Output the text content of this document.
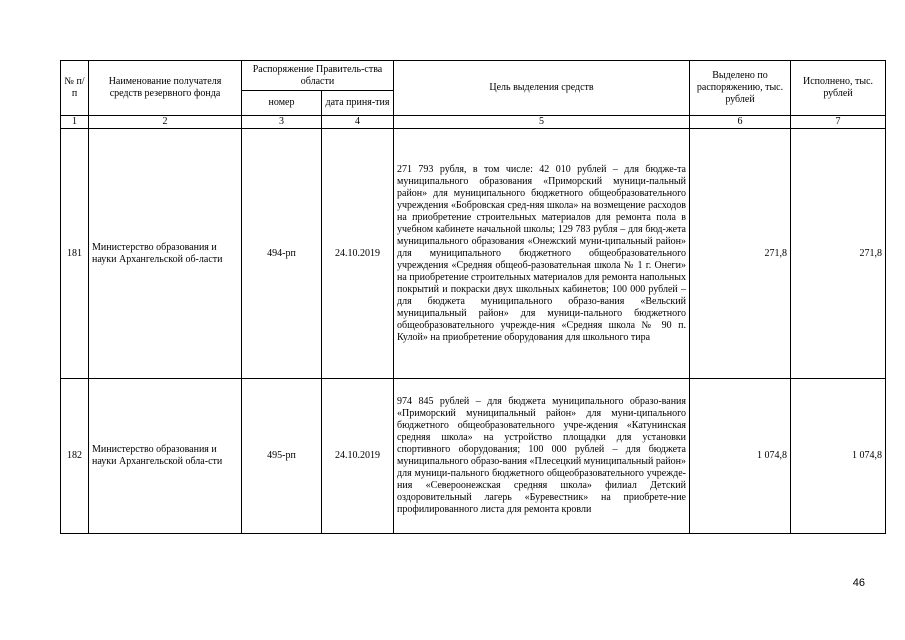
№ п/п	Наименование получателя средств резервного фонда	Распоряжение Правитель-ства области		Цель выделения средств	Выделено по распоряжению, тыс. рублей	Исполнено, тыс. рублей
		номер	дата приня-тия			
1	2	3	4	5	6	7
181	Министерство образования и науки Архангельской об-ласти	494-рп	24.10.2019	271 793 рубля, в том числе: 42 010 рублей – для бюдже-та муниципального образования «Приморский муници-пальный район» для муниципального бюджетного общеобразовательного учреждения «Бобровская сред-няя школа» на возмещение расходов на приобретение строительных материалов для ремонта пола в учебном кабинете начальной школы; 129 783 рубля – для бюд-жета муниципального образования «Онежский муни-ципальный район» для муниципального бюджетного общеобразовательного учреждения «Средняя общеоб-разовательная школа № 1 г. Онеги» на приобретение строительных материалов для ремонта напольных покрытий и покраски двух школьных кабинетов; 100 000 рублей – для бюджета муниципального образо-вания «Вельский муниципальный район» для муници-пального бюджетного общеобразовательного учрежде-ния «Средняя школа № 90 п. Кулой» на приобретение оборудования для школьного тира	271,8	271,8
182	Министерство образования и науки Архангельской обла-сти	495-рп	24.10.2019	974 845 рублей – для бюджета муниципального образо-вания «Приморский муниципальный район» для муни-ципального бюджетного общеобразовательного учре-ждения «Катунинская средняя школа» на устройство площадки для установки спортивного оборудования; 100 000 рублей – для бюджета муниципального образо-вания «Плесецкий муниципальный район» для муници-пального бюджетного общеобразовательного учрежде-ния «Североонежская средняя школа» филиал Детский оздоровительный лагерь «Буревестник» на приобрете-ние профилированного листа для ремонта кровли	1 074,8	1 074,8
46
